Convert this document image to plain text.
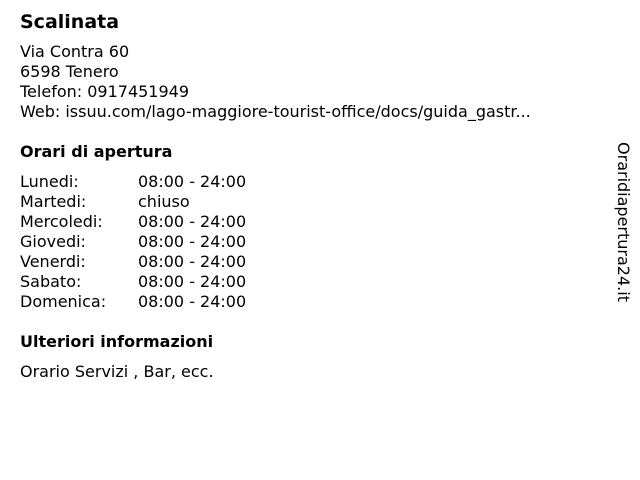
Scalinata
Via Contra 60
6598 Tenero
Telefon: 0917451949
Web: issuu.com/lago-maggiore-tourist-office/docs/guida_gastr...
Orari di apertura
Lunedi:	08:00 - 24:00
Martedi:	chiuso
Mercoledi:	08:00 - 24:00
Giovedi:	08:00 - 24:00
Venerdi:	08:00 - 24:00
Sabato:	08:00 - 24:00
Domenica:	08:00 - 24:00
Ulteriori informazioni
Orario Servizi , Bar, ecc.
Oraridiapertura24.it
